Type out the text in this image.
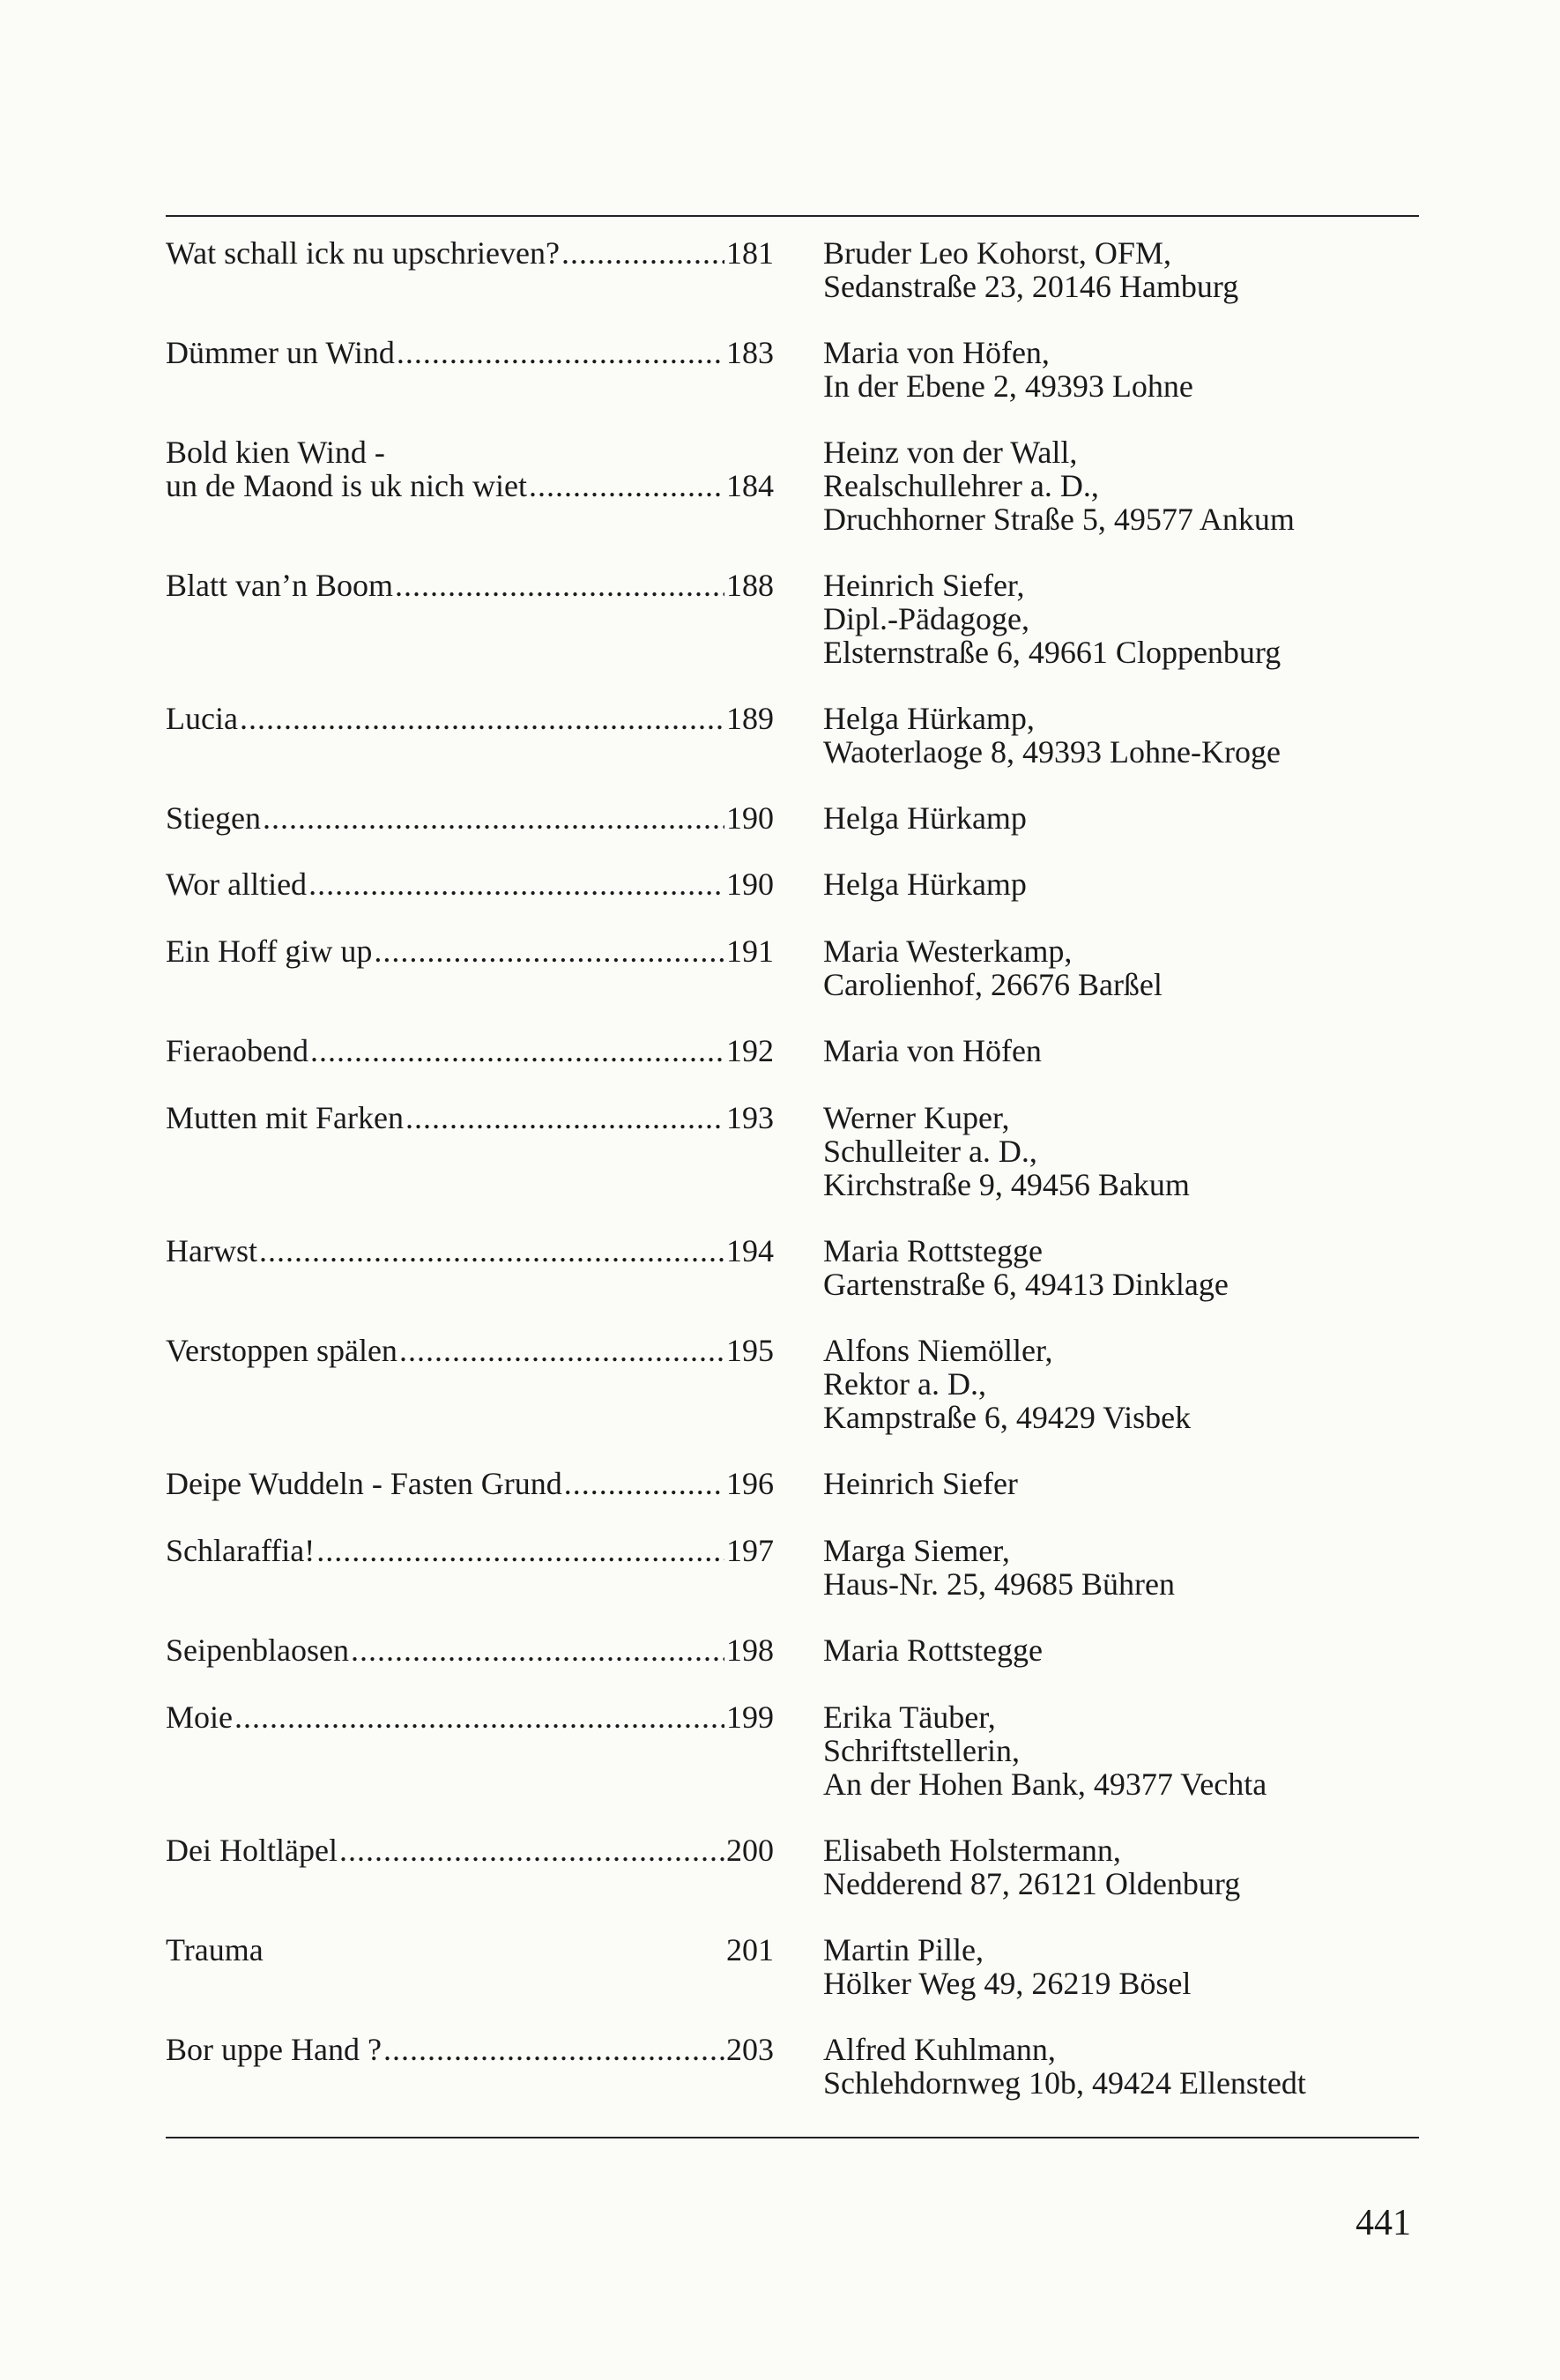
Wat schall ick nu upschrieven? .....	181 Bruder Leo Kohorst, OFM,
Sedanstraße 23, 20146 Hamburg
Dümmer un Wind .....	183 Maria von Höfen,
In der Ebene 2, 49393 Lohne
Bold kien Wind -
un de Maond is uk nich wiet .....	184
Heinz von der Wall,
Realschullehrer a. D.,
Druchhorner Straße 5, 49577 Ankum
Blatt van’n Boom .....	188 Heinrich Siefer,
Dipl.-Pädagoge,
Elsternstraße 6, 49661 Cloppenburg
Lucia .....	189 Helga Hürkamp,
Waoterlaoge 8, 49393 Lohne-Kroge
Stiegen .....	190 Helga Hürkamp
Wor alltied .....	190 Helga Hürkamp
Ein Hoff giw up .....	191 Maria Westerkamp,
Carolienhof, 26676 Barßel
Fieraobend .....	192 Maria von Höfen
Mutten mit Farken .....	193 Werner Kuper,
Schulleiter a. D.,
Kirchstraße 9, 49456 Bakum
Harwst .....	194 Maria Rottstegge
Gartenstraße 6, 49413 Dinklage
Verstoppen spälen .....	195 Alfons Niemöller,
Rektor a. D.,
Kampstraße 6, 49429 Visbek
Deipe Wuddeln - Fasten Grund .....	196 Heinrich Siefer
Schlaraffia! .....	197 Marga Siemer,
Haus-Nr. 25, 49685 Bühren
Seipenblaosen .....	198 Maria Rottstegge
Moie .....	199 Erika Täuber,
Schriftstellerin,
An der Hohen Bank, 49377 Vechta
Dei Holtläpel .....	200 Elisabeth Holstermann,
Nedderend 87, 26121 Oldenburg
Trauma	201 Martin Pille,
Hölker Weg 49, 26219 Bösel
Bor uppe Hand ? .....	203 Alfred Kuhlmann,
Schlehdornweg 10b, 49424 Ellenstedt
441
